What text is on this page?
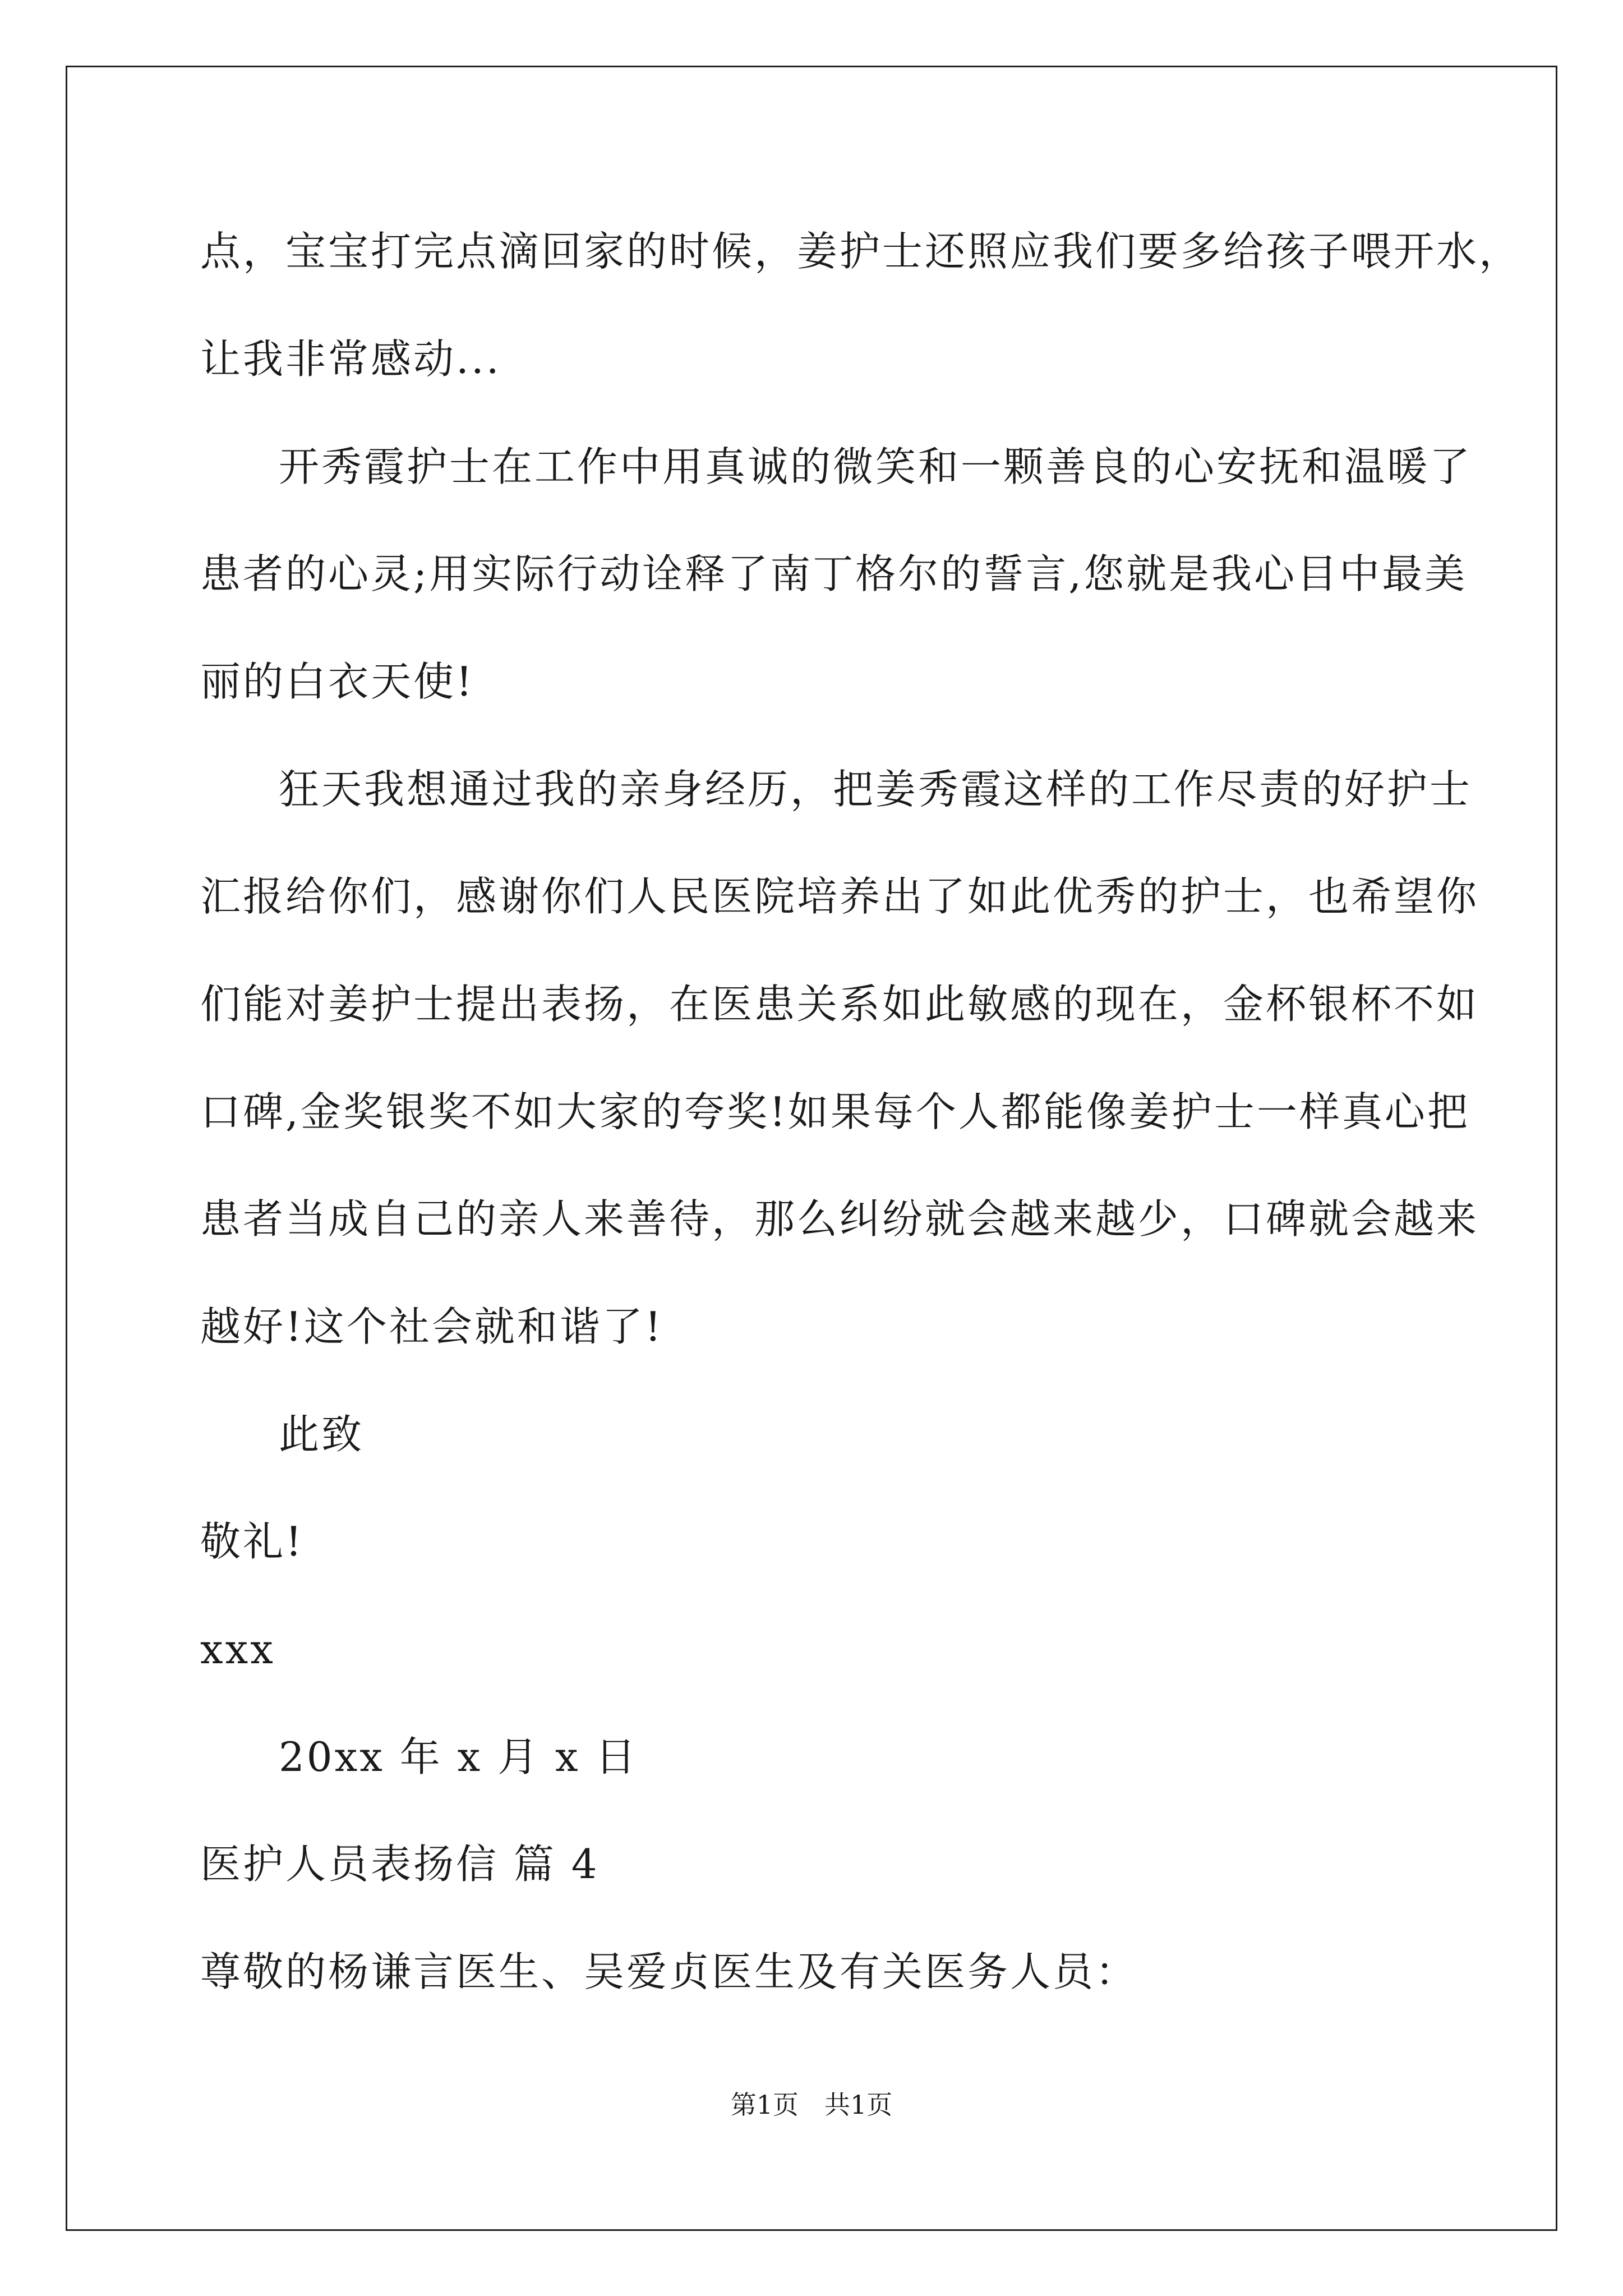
点，宝宝打完点滴回家的时候，姜护士还照应我们要多给孩子喂开水，
让我非常感动...
开秀霞护士在工作中用真诚的微笑和一颗善良的心安抚和温暖了
患者的心灵;用实际行动诠释了南丁格尔的誓言,您就是我心目中最美
丽的白衣天使!
狂天我想通过我的亲身经历，把姜秀霞这样的工作尽责的好护士
汇报给你们，感谢你们人民医院培养出了如此优秀的护士，也希望你
们能对姜护士提出表扬，在医患关系如此敏感的现在，金杯银杯不如
口碑,金奖银奖不如大家的夸奖!如果每个人都能像姜护士一样真心把
患者当成自己的亲人来善待，那么纠纷就会越来越少，口碑就会越来
越好!这个社会就和谐了!
此致
敬礼!
xxx
20xx 年 x 月 x 日
医护人员表扬信 篇 4
尊敬的杨谦言医生、吴爱贞医生及有关医务人员：
第1页　共1页
